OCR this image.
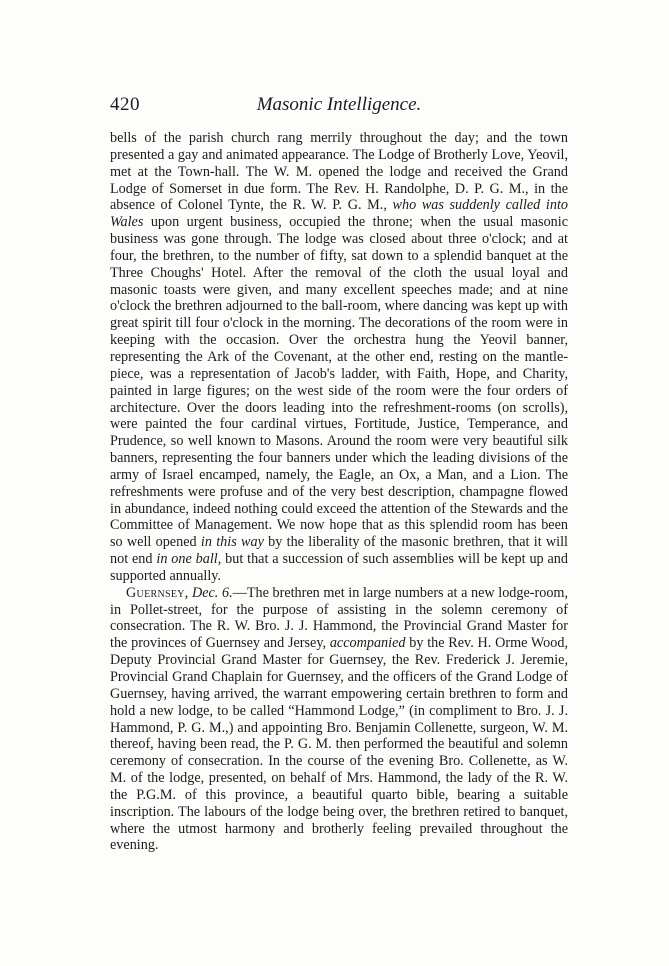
420	Masonic Intelligence.

bells of the parish church rang merrily throughout the day; and the town presented a gay and animated appearance. The Lodge of Brotherly Love, Yeovil, met at the Town-hall. The W. M. opened the lodge and received the Grand Lodge of Somerset in due form. The Rev. H. Randolphe, D. P. G. M., in the absence of Colonel Tynte, the R. W. P. G. M., who was suddenly called into Wales upon urgent business, occupied the throne; when the usual masonic business was gone through. The lodge was closed about three o'clock; and at four, the brethren, to the number of fifty, sat down to a splendid banquet at the Three Choughs' Hotel. After the removal of the cloth the usual loyal and masonic toasts were given, and many excellent speeches made; and at nine o'clock the brethren adjourned to the ball-room, where dancing was kept up with great spirit till four o'clock in the morning. The decorations of the room were in keeping with the occasion. Over the orchestra hung the Yeovil banner, representing the Ark of the Covenant, at the other end, resting on the mantle-piece, was a representation of Jacob's ladder, with Faith, Hope, and Charity, painted in large figures; on the west side of the room were the four orders of architecture. Over the doors leading into the refreshment-rooms (on scrolls), were painted the four cardinal virtues, Fortitude, Justice, Temperance, and Prudence, so well known to Masons. Around the room were very beautiful silk banners, representing the four banners under which the leading divisions of the army of Israel encamped, namely, the Eagle, an Ox, a Man, and a Lion. The refreshments were profuse and of the very best description, champagne flowed in abundance, indeed nothing could exceed the attention of the Stewards and the Committee of Management. We now hope that as this splendid room has been so well opened in this way by the liberality of the masonic brethren, that it will not end in one ball, but that a succession of such assemblies will be kept up and supported annually.

Guernsey, Dec. 6.—The brethren met in large numbers at a new lodge-room, in Pollet-street, for the purpose of assisting in the solemn ceremony of consecration. The R. W. Bro. J. J. Hammond, the Provincial Grand Master for the provinces of Guernsey and Jersey, accompanied by the Rev. H. Orme Wood, Deputy Provincial Grand Master for Guernsey, the Rev. Frederick J. Jeremie, Provincial Grand Chaplain for Guernsey, and the officers of the Grand Lodge of Guernsey, having arrived, the warrant empowering certain brethren to form and hold a new lodge, to be called “Hammond Lodge,” (in compliment to Bro. J. J. Hammond, P. G. M.,) and appointing Bro. Benjamin Collenette, surgeon, W. M. thereof, having been read, the P. G. M. then performed the beautiful and solemn ceremony of consecration. In the course of the evening Bro. Collenette, as W. M. of the lodge, presented, on behalf of Mrs. Hammond, the lady of the R. W. the P.G.M. of this province, a beautiful quarto bible, bearing a suitable inscription. The labours of the lodge being over, the brethren retired to banquet, where the utmost harmony and brotherly feeling prevailed throughout the evening.
